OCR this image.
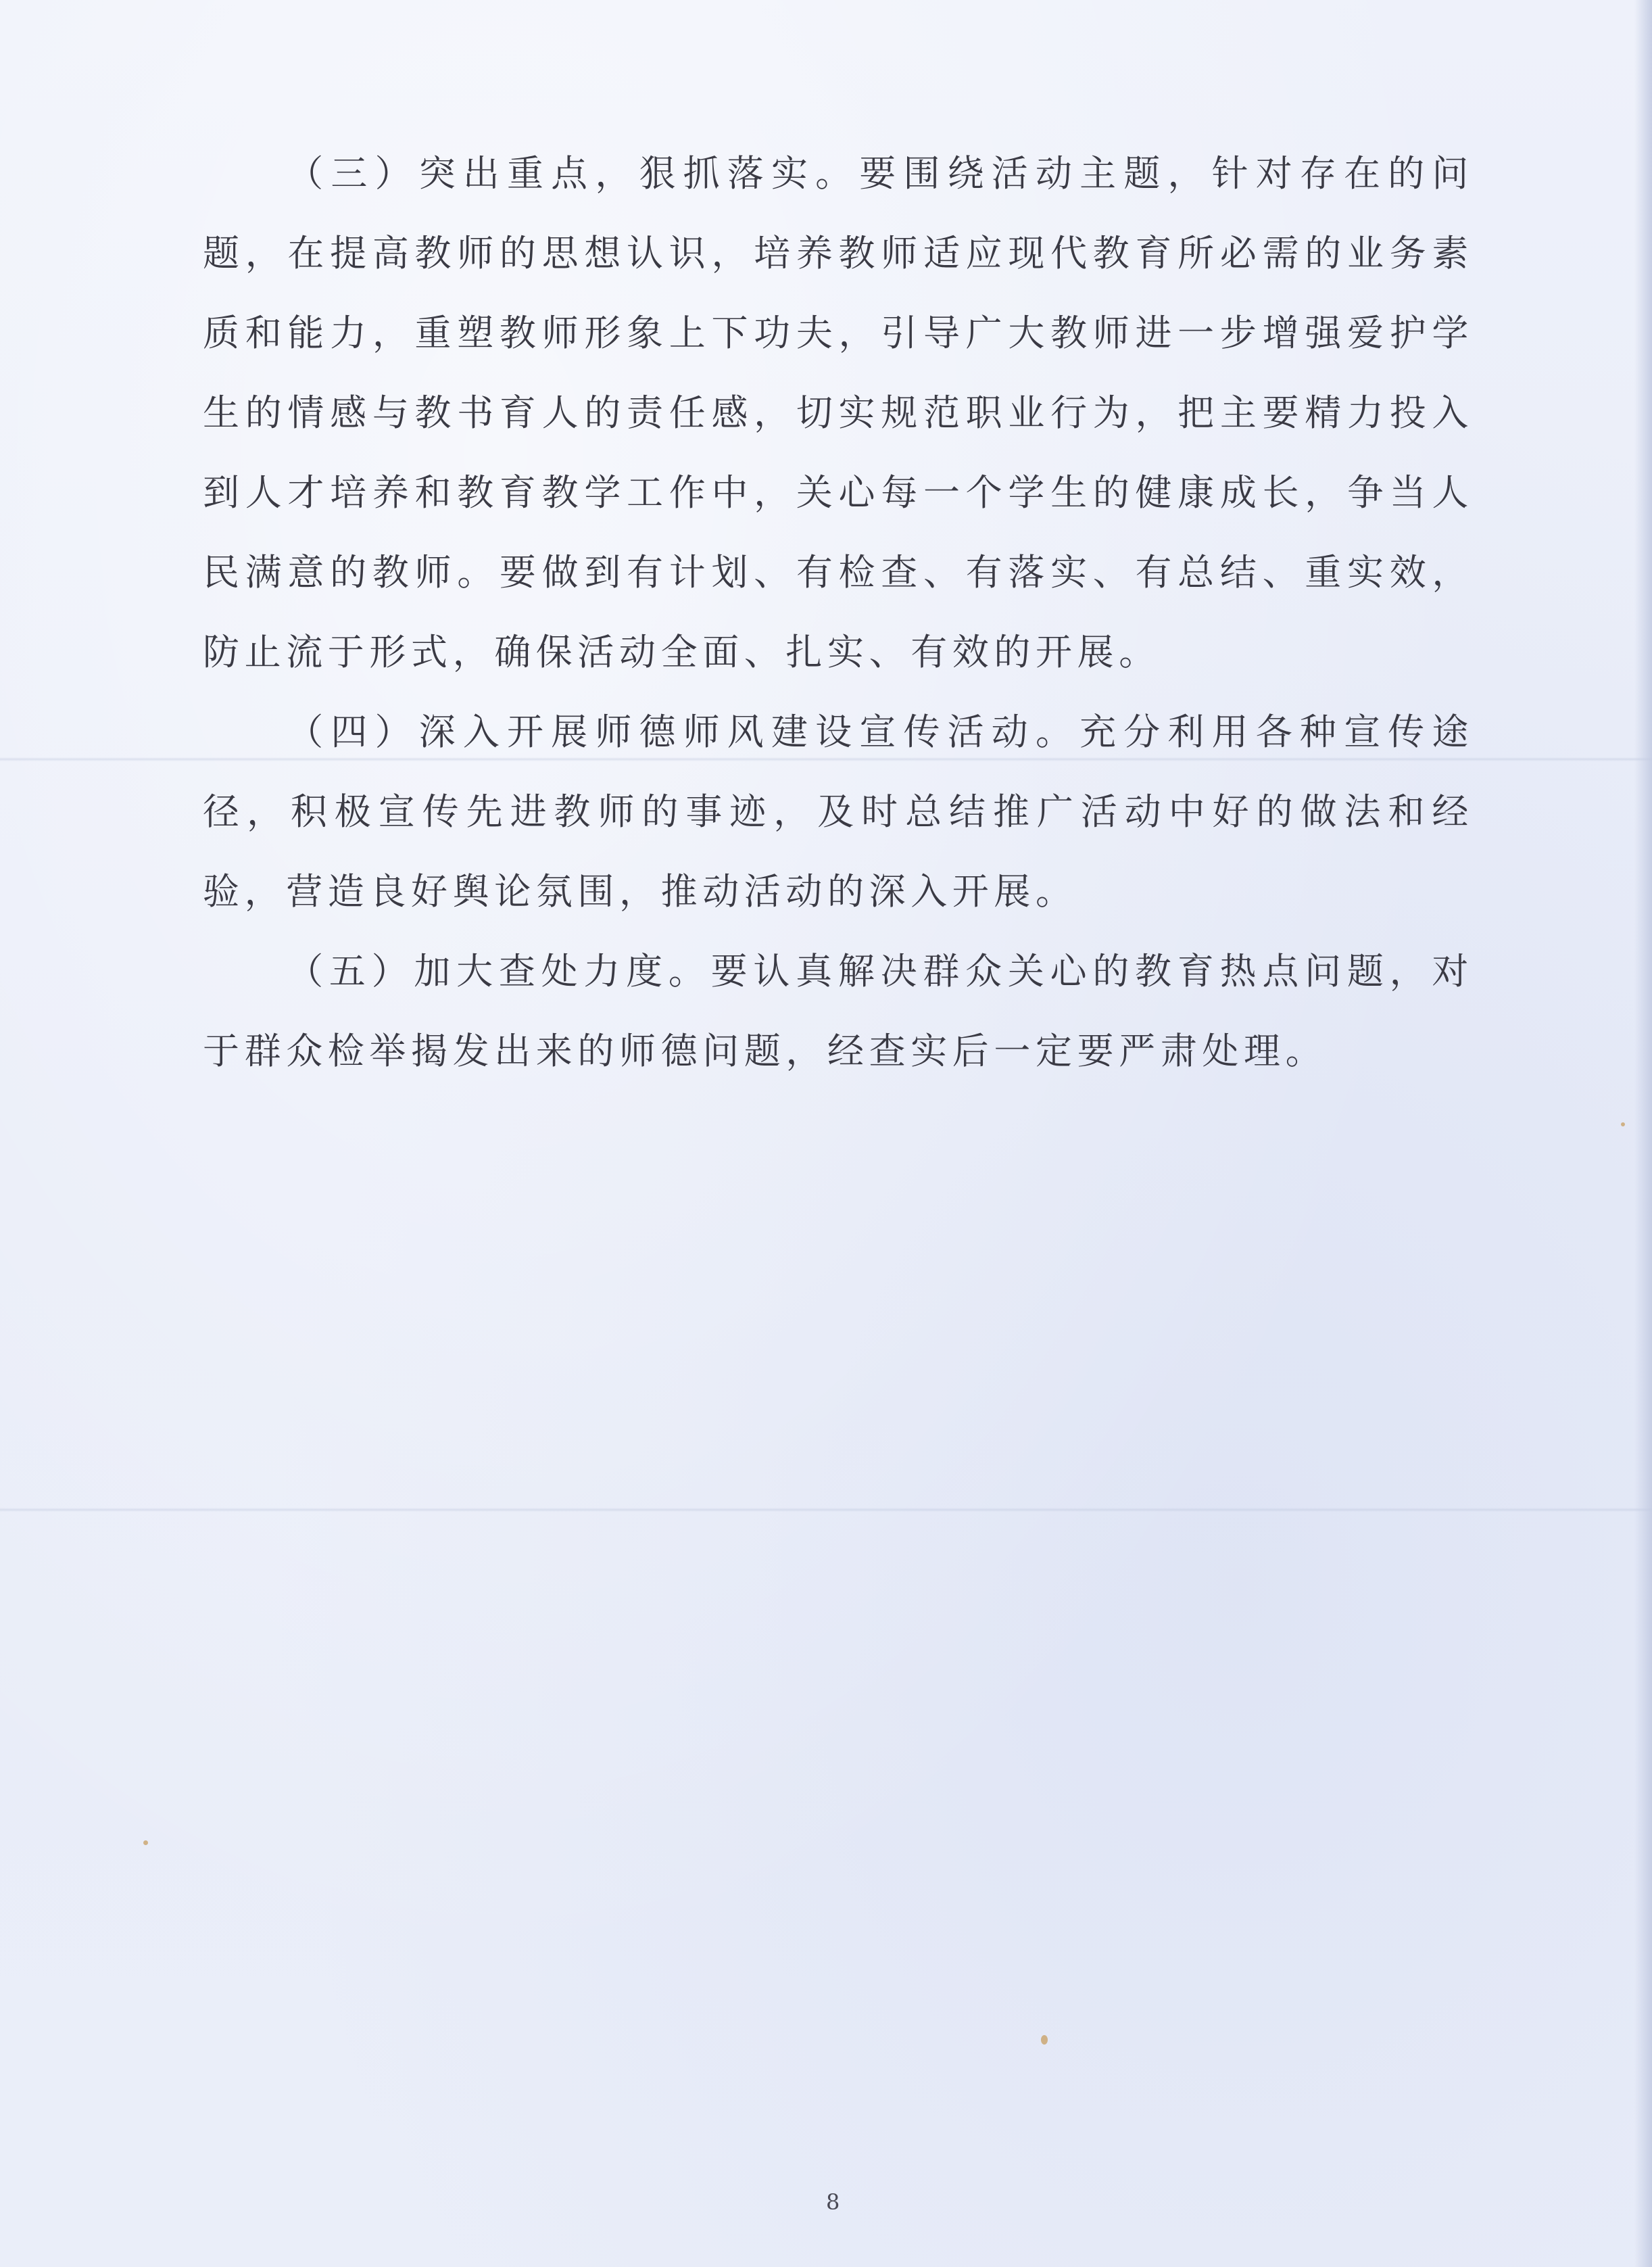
（三）突出重点，狠抓落实。要围绕活动主题，针对存在的问题，在提高教师的思想认识，培养教师适应现代教育所必需的业务素质和能力，重塑教师形象上下功夫，引导广大教师进一步增强爱护学生的情感与教书育人的责任感，切实规范职业行为，把主要精力投入到人才培养和教育教学工作中，关心每一个学生的健康成长，争当人民满意的教师。要做到有计划、有检查、有落实、有总结、重实效，防止流于形式，确保活动全面、扎实、有效的开展。

（四）深入开展师德师风建设宣传活动。充分利用各种宣传途径，积极宣传先进教师的事迹，及时总结推广活动中好的做法和经验，营造良好舆论氛围，推动活动的深入开展。

（五）加大查处力度。要认真解决群众关心的教育热点问题，对于群众检举揭发出来的师德问题，经查实后一定要严肃处理。

8
